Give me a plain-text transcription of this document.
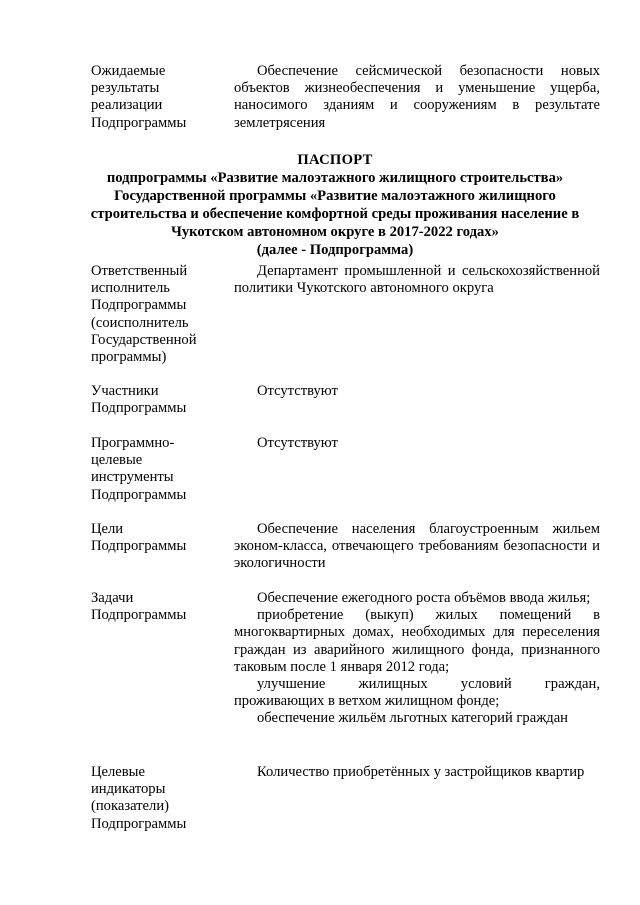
Ожидаемые
результаты
реализации
Подпрограммы

Обеспечение сейсмической безопасности новых объектов жизнеобеспечения и уменьшение ущерба, наносимого зданиям и сооружениям в результате землетрясения

ПАСПОРТ
подпрограммы «Развитие малоэтажного жилищного строительства»
Государственной программы «Развитие малоэтажного жилищного
строительства и обеспечение комфортной среды проживания население в
Чукотском автономном округе в 2017-2022 годах»
(далее - Подпрограмма)
Ответственный
исполнитель
Подпрограммы
(соисполнитель
Государственной
программы)

Департамент промышленной и сельскохозяйственной политики Чукотского автономного округа

Участники
Подпрограммы

Отсутствуют

Программно-
целевые
инструменты
Подпрограммы

Отсутствуют

Цели
Подпрограммы

Обеспечение населения благоустроенным жильем эконом-класса, отвечающего требованиям безопасности и экологичности

Задачи
Подпрограммы

Обеспечение ежегодного роста объёмов ввода жилья;

приобретение (выкуп) жилых помещений в многоквартирных домах, необходимых для переселения граждан из аварийного жилищного фонда, признанного таковым после 1 января 2012 года;

улучшение жилищных условий граждан, проживающих в ветхом жилищном фонде;

обеспечение жильём льготных категорий граждан

Целевые
индикаторы
(показатели)
Подпрограммы

Количество приобретённых у застройщиков квартир
